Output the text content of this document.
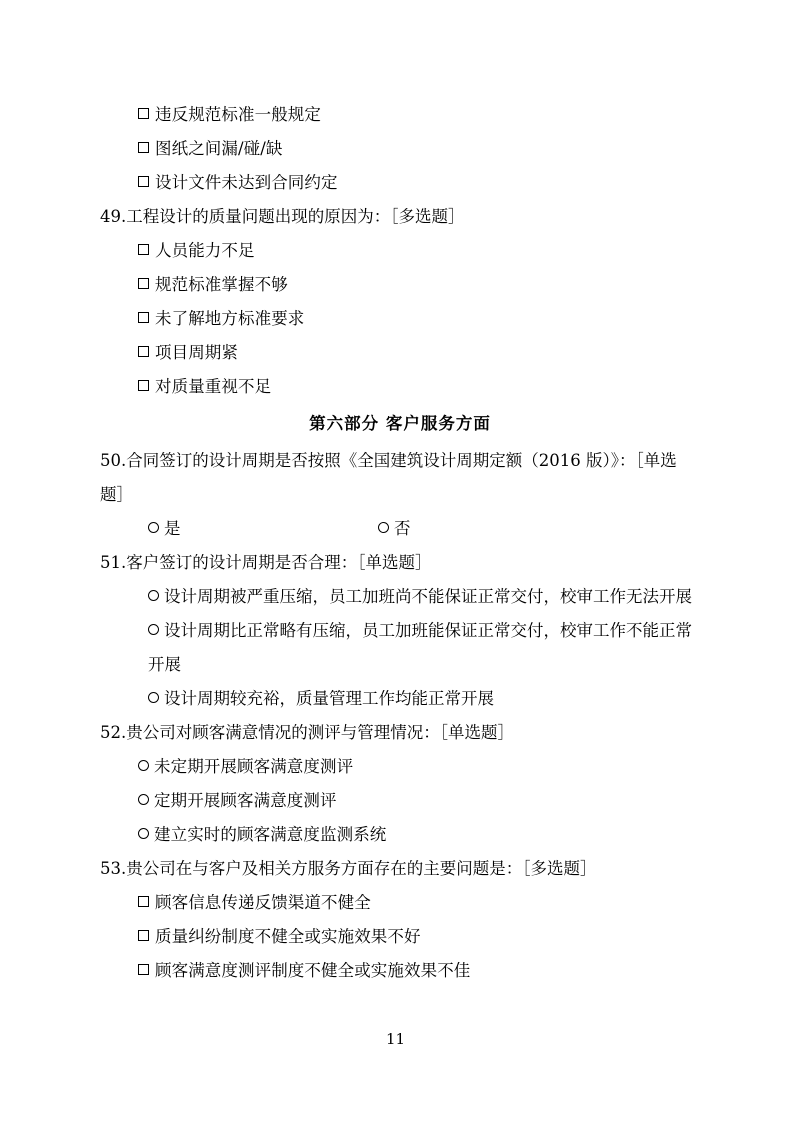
违反规范标准一般规定
图纸之间漏/碰/缺
设计文件未达到合同约定
49.工程设计的质量问题出现的原因为：［多选题］
人员能力不足
规范标准掌握不够
未了解地方标准要求
项目周期紧
对质量重视不足
第六部分 客户服务方面
50.合同签订的设计周期是否按照《全国建筑设计周期定额（2016 版）》：［单选题］
是	否
51.客户签订的设计周期是否合理：［单选题］
设计周期被严重压缩，员工加班尚不能保证正常交付，校审工作无法开展
设计周期比正常略有压缩，员工加班能保证正常交付，校审工作不能正常开展
设计周期较充裕，质量管理工作均能正常开展
52.贵公司对顾客满意情况的测评与管理情况：［单选题］
未定期开展顾客满意度测评
定期开展顾客满意度测评
建立实时的顾客满意度监测系统
53.贵公司在与客户及相关方服务方面存在的主要问题是：［多选题］
顾客信息传递反馈渠道不健全
质量纠纷制度不健全或实施效果不好
顾客满意度测评制度不健全或实施效果不佳
11
